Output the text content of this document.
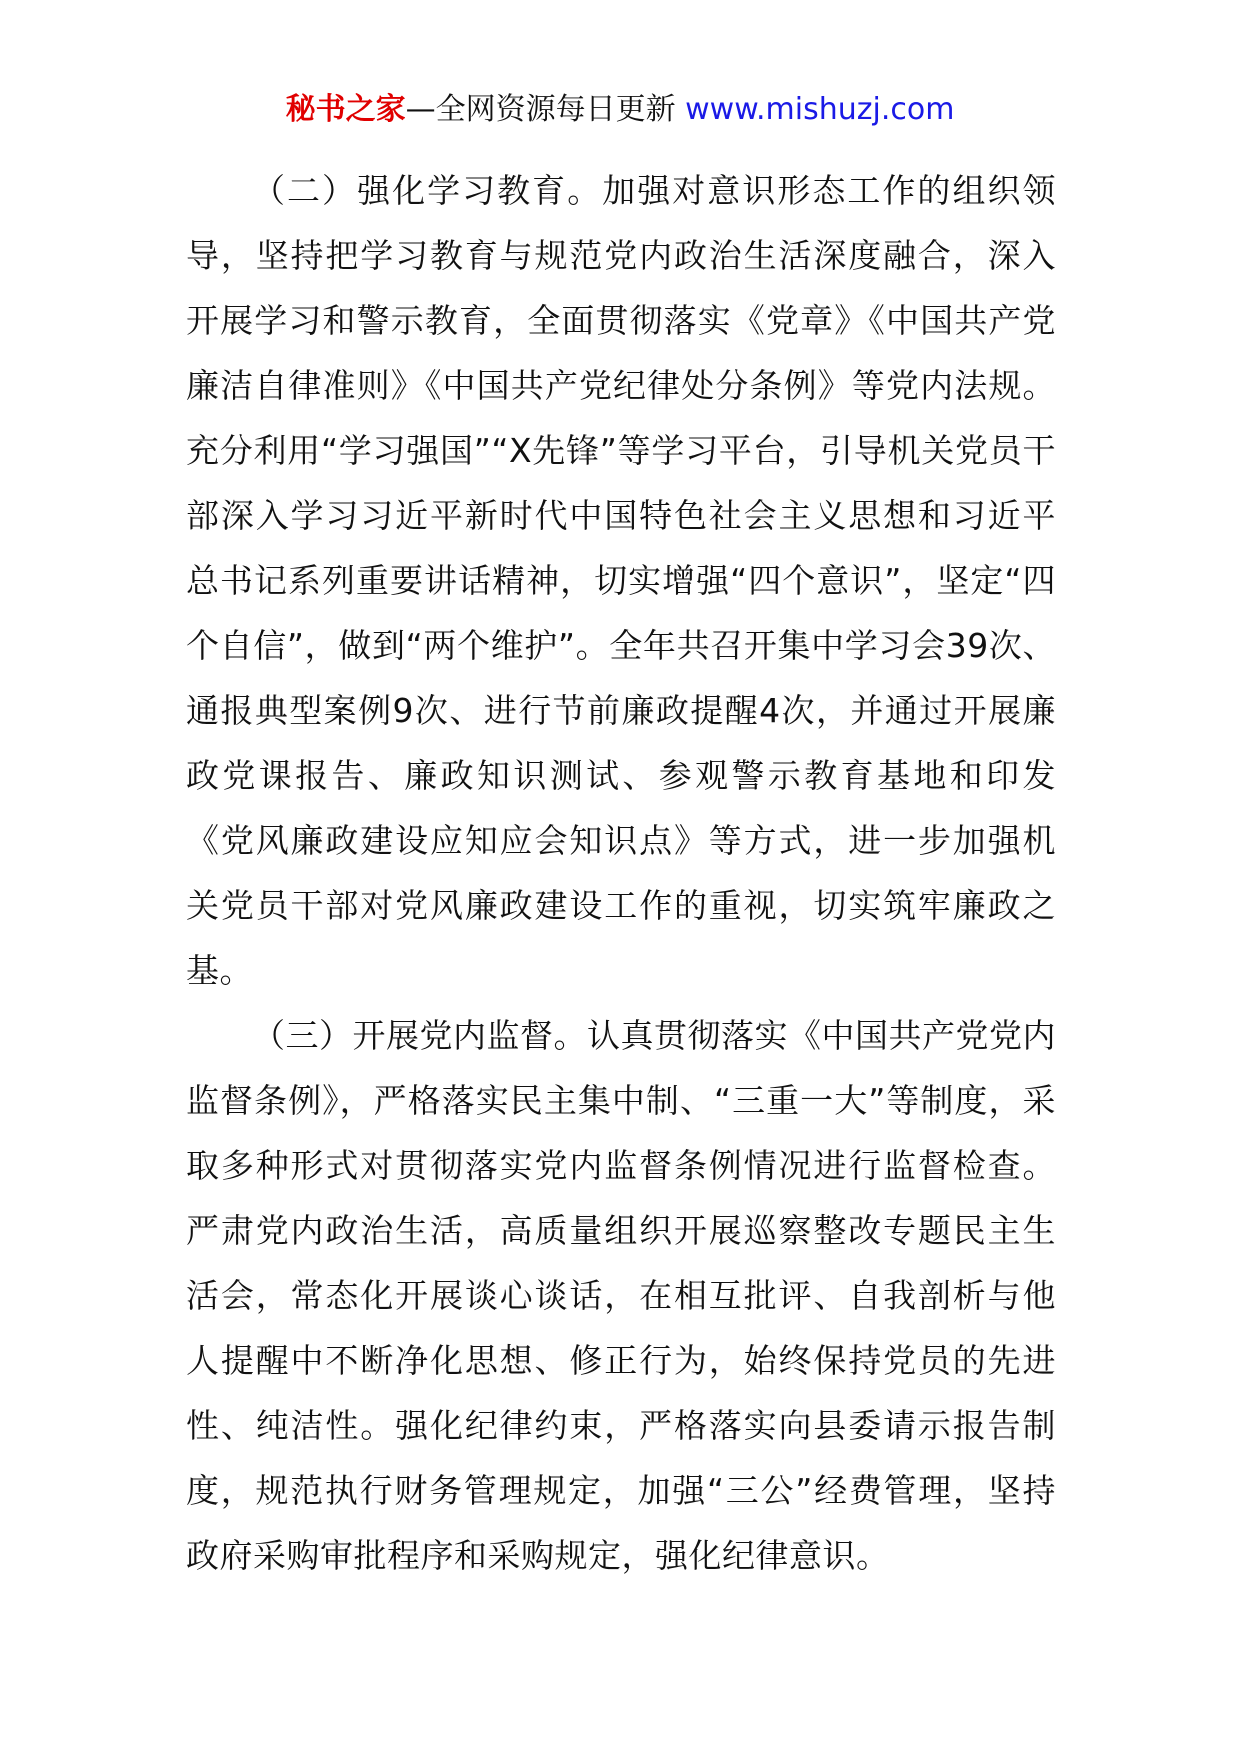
秘书之家—全网资源每日更新 www.mishuzj.com

（二）强化学习教育。加强对意识形态工作的组织领导，坚持把学习教育与规范党内政治生活深度融合，深入开展学习和警示教育，全面贯彻落实《党章》《中国共产党廉洁自律准则》《中国共产党纪律处分条例》等党内法规。充分利用“学习强国”“X先锋”等学习平台，引导机关党员干部深入学习习近平新时代中国特色社会主义思想和习近平总书记系列重要讲话精神，切实增强“四个意识”，坚定“四个自信”，做到“两个维护”。全年共召开集中学习会39次、通报典型案例9次、进行节前廉政提醒4次，并通过开展廉政党课报告、廉政知识测试、参观警示教育基地和印发《党风廉政建设应知应会知识点》等方式，进一步加强机关党员干部对党风廉政建设工作的重视，切实筑牢廉政之基。

（三）开展党内监督。认真贯彻落实《中国共产党党内监督条例》，严格落实民主集中制、“三重一大”等制度，采取多种形式对贯彻落实党内监督条例情况进行监督检查。严肃党内政治生活，高质量组织开展巡察整改专题民主生活会，常态化开展谈心谈话，在相互批评、自我剖析与他人提醒中不断净化思想、修正行为，始终保持党员的先进性、纯洁性。强化纪律约束，严格落实向县委请示报告制度，规范执行财务管理规定，加强“三公”经费管理，坚持政府采购审批程序和采购规定，强化纪律意识。
